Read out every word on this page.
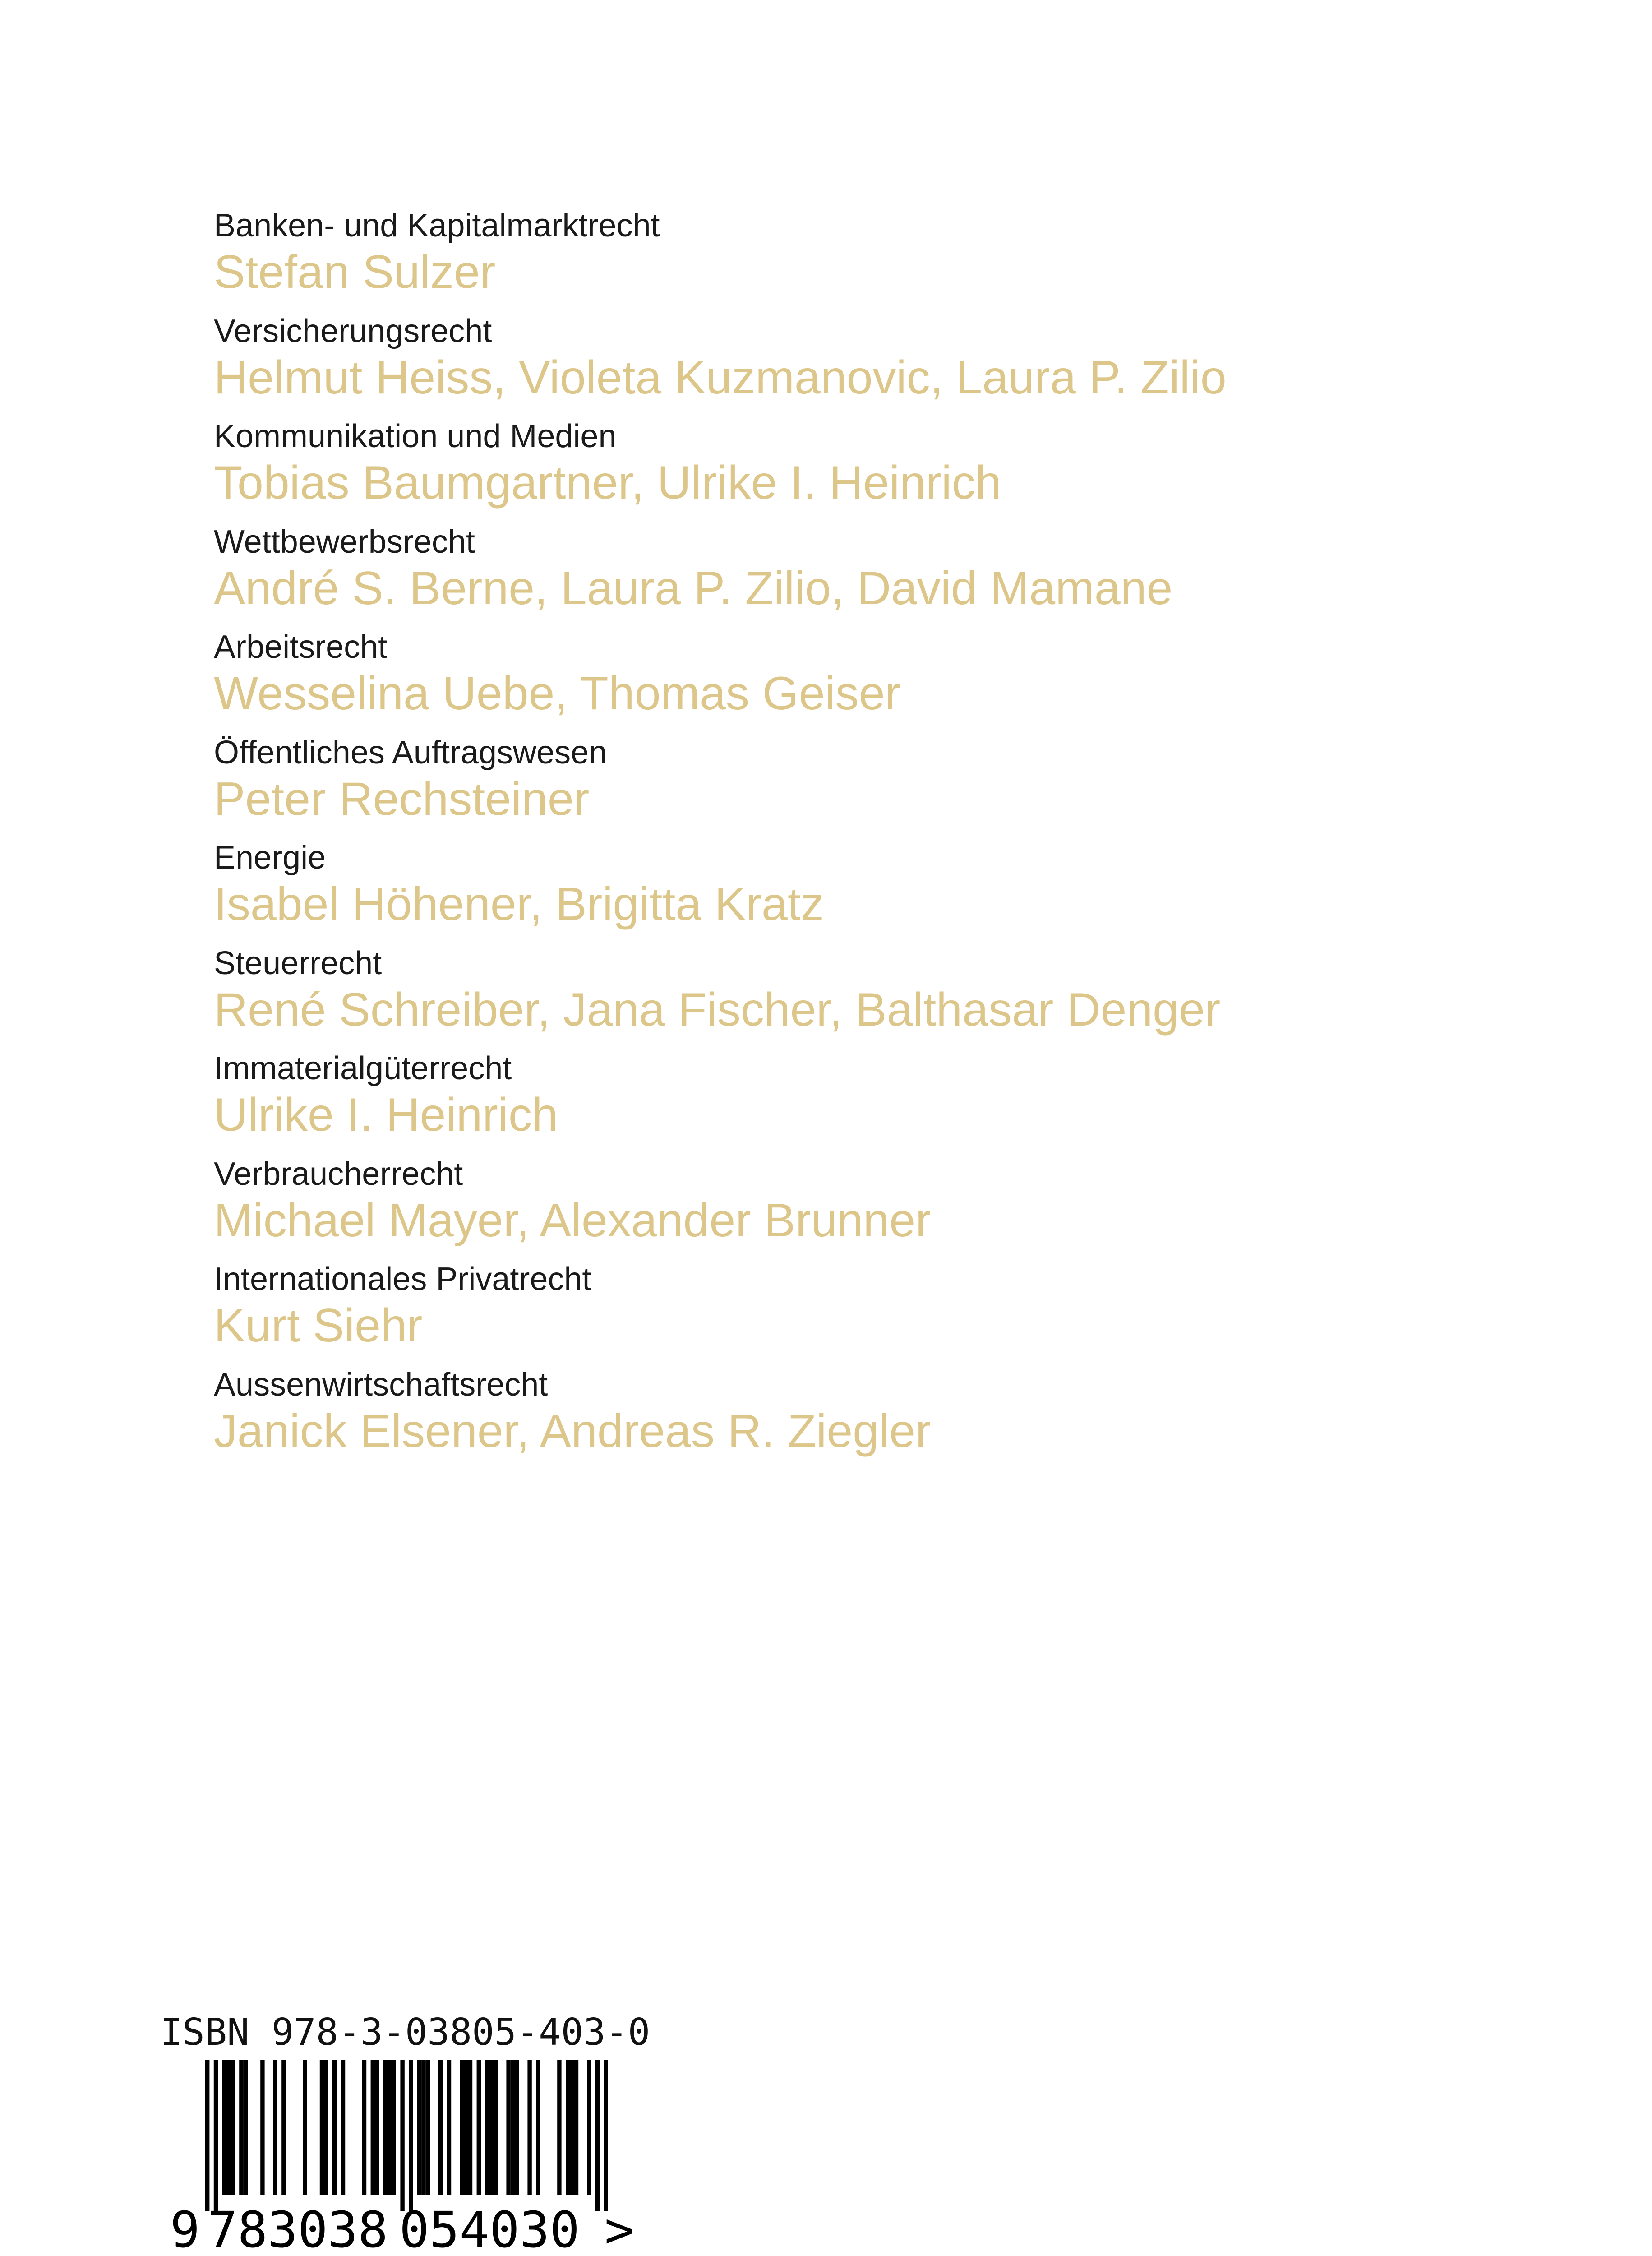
Banken- und Kapitalmarktrecht
Stefan Sulzer
Versicherungsrecht
Helmut Heiss, Violeta Kuzmanovic, Laura P. Zilio
Kommunikation und Medien
Tobias Baumgartner, Ulrike I. Heinrich
Wettbewerbsrecht
André S. Berne, Laura P. Zilio, David Mamane
Arbeitsrecht
Wesselina Uebe, Thomas Geiser
Öffentliches Auftragswesen
Peter Rechsteiner
Energie
Isabel Höhener, Brigitta Kratz
Steuerrecht
René Schreiber, Jana Fischer, Balthasar Denger
Immaterialgüterrecht
Ulrike I. Heinrich
Verbraucherrecht
Michael Mayer, Alexander Brunner
Internationales Privatrecht
Kurt Siehr
Aussenwirtschaftsrecht
Janick Elsener, Andreas R. Ziegler
ISBN 978-3-03805-403-0
9 783038 054030 >
